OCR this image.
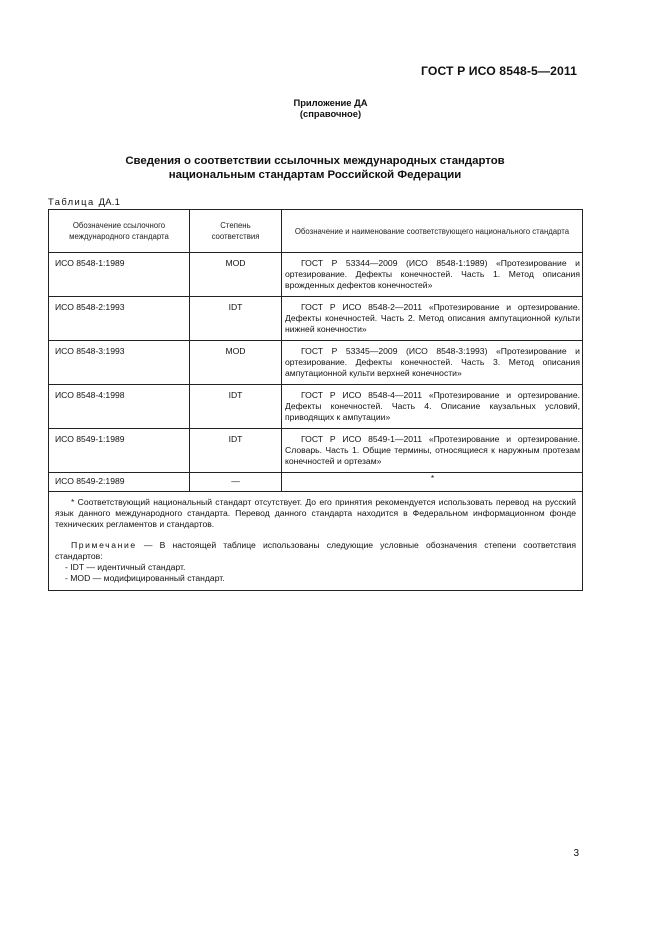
ГОСТ Р ИСО 8548-5—2011
Приложение ДА
(справочное)
Сведения о соответствии ссылочных международных стандартов
национальным стандартам Российской Федерации
Таблица ДА.1
Обозначение ссылочного международного стандарта	Степень соответствия	Обозначение и наименование соответствующего национального стандарта
ИСО 8548-1:1989	MOD	ГОСТ Р 53344—2009 (ИСО 8548-1:1989) «Протезирование и ортезирование. Дефекты конечностей. Часть 1. Метод описания врожденных дефектов конечностей»
ИСО 8548-2:1993	IDT	ГОСТ Р ИСО 8548-2—2011 «Протезирование и ортезирование. Дефекты конечностей. Часть 2. Метод описания ампутационной культи нижней конечности»
ИСО 8548-3:1993	MOD	ГОСТ Р 53345—2009 (ИСО 8548-3:1993) «Протезирование и ортезирование. Дефекты конечностей. Часть 3. Метод описания ампутационной культи верхней конечности»
ИСО 8548-4:1998	IDT	ГОСТ Р ИСО 8548-4—2011 «Протезирование и ортезирование. Дефекты конечностей. Часть 4. Описание каузальных условий, приводящих к ампутации»
ИСО 8549-1:1989	IDT	ГОСТ Р ИСО 8549-1—2011 «Протезирование и ортезирование. Словарь. Часть 1. Общие термины, относящиеся к наружным протезам конечностей и ортезам»
ИСО 8549-2:1989	—	*

* Соответствующий национальный стандарт отсутствует. До его принятия рекомендуется использовать перевод на русский язык данного международного стандарта. Перевод данного стандарта находится в Федеральном информационном фонде технических регламентов и стандартов.

Примечание — В настоящей таблице использованы следующие условные обозначения степени соответствия стандартов:

- IDT — идентичный стандарт.
- MOD — модифицированный стандарт.		
3
